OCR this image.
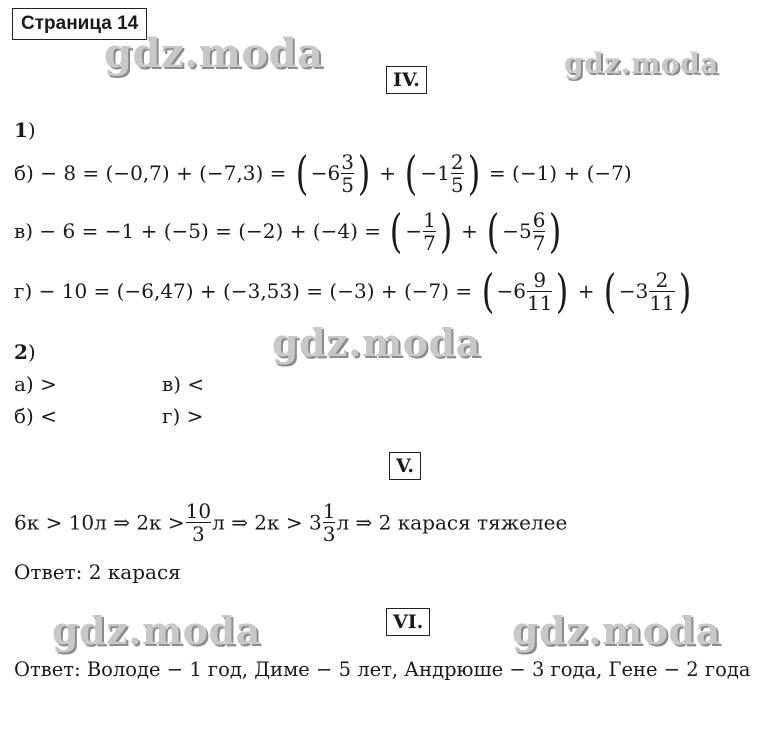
Страница 14
gdz.moda	gdz.moda
gdz.moda
gdz.moda	gdz.moda
IV.
1)
б) − 8 = (−0,7) + (−7,3) = ( $-6 \frac{3}{5}$ ) + ( $-1 \frac{2}{5}$ ) = (−1) + (−7)
в) − 6 = −1 + (−5) = (−2) + (−4) = ( − $\frac{1}{7}$ ) + ( $-5 \frac{6}{7}$ )
г) − 10 = (−6,47) + (−3,53) = (−3) + (−7) = ( $-6 \frac{9}{11}$ ) + ( $-3 \frac{2}{11}$ )
2)
а) >	в) <
б) <	г) >
V.
6к > 10л ⇒ $2к > \frac{10}{3}$ л ⇒ $2к > 3 \frac{1}{3}$ л ⇒ 2 карася тяжелее
Ответ: 2 карася
VI.
Ответ: Володе − 1 год, Диме − 5 лет, Андрюше − 3 года, Гене − 2 года
